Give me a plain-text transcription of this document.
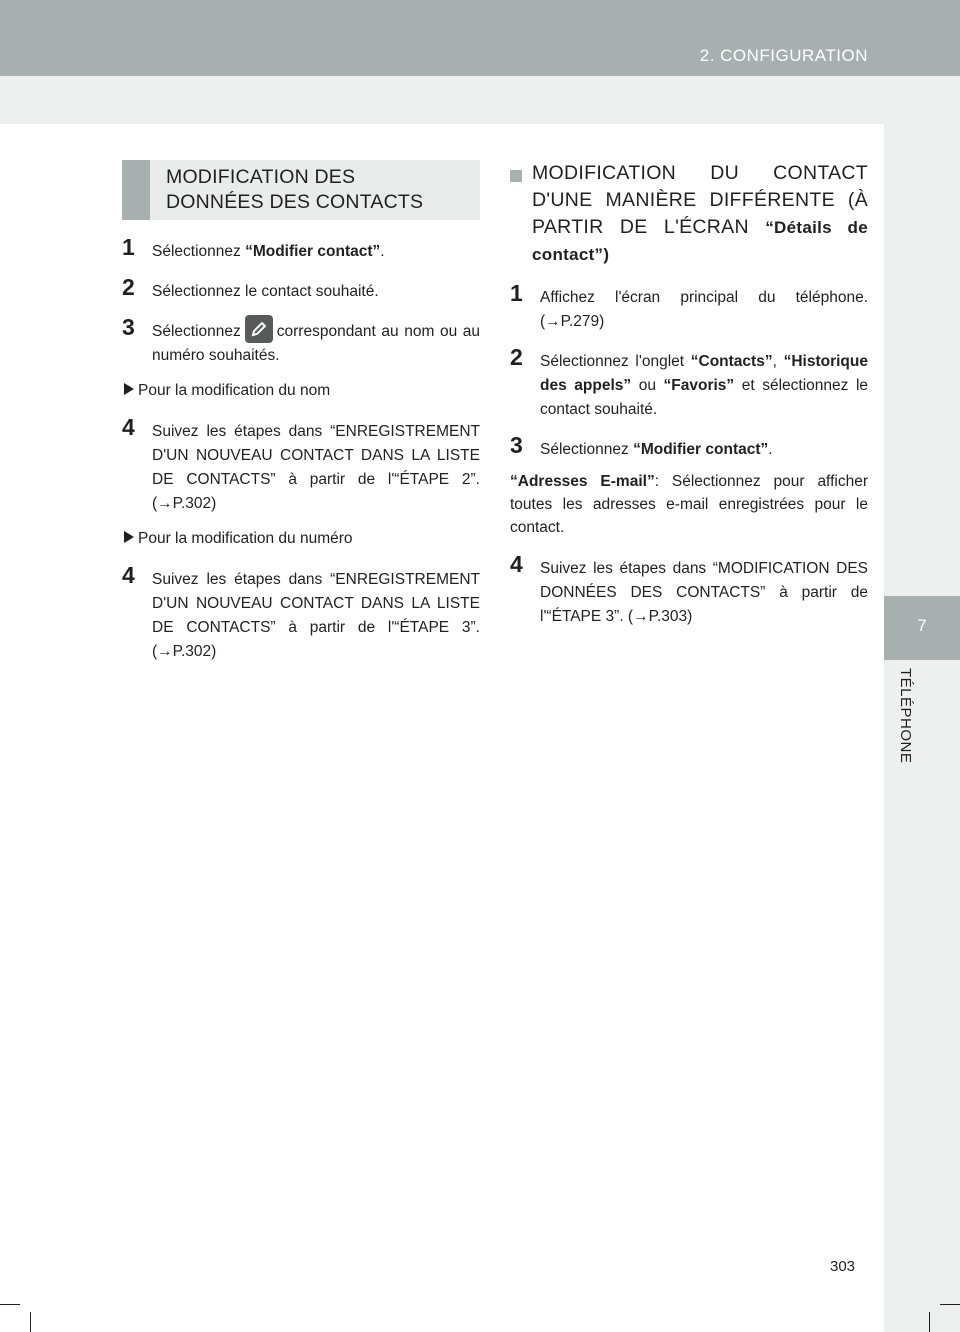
2. CONFIGURATION
7
TÉLÉPHONE
303
MODIFICATION DES
DONNÉES DES CONTACTS
1	Sélectionnez “Modifier contact”.
2	Sélectionnez le contact souhaité.
3	Sélectionnez correspondant au nom ou au numéro souhaités.
Pour la modification du nom
4	Suivez les étapes dans “ENREGISTREMENT D'UN NOUVEAU CONTACT DANS LA LISTE DE CONTACTS” à partir de l'“ÉTAPE 2”. (→P.302)
Pour la modification du numéro
4	Suivez les étapes dans “ENREGISTREMENT D'UN NOUVEAU CONTACT DANS LA LISTE DE CONTACTS” à partir de l'“ÉTAPE 3”. (→P.302)
MODIFICATION DU CONTACT D'UNE MANIÈRE DIFFÉRENTE (À PARTIR DE L'ÉCRAN “Détails de contact”)
1	Affichez l'écran principal du téléphone. (→P.279)
2	Sélectionnez l'onglet “Contacts”, “Historique des appels” ou “Favoris” et sélectionnez le contact souhaité.
3	Sélectionnez “Modifier contact”.
“Adresses E-mail”: Sélectionnez pour afficher toutes les adresses e-mail enregistrées pour le contact.
4	Suivez les étapes dans “MODIFICATION DES DONNÉES DES CONTACTS” à partir de l'“ÉTAPE 3”. (→P.303)
